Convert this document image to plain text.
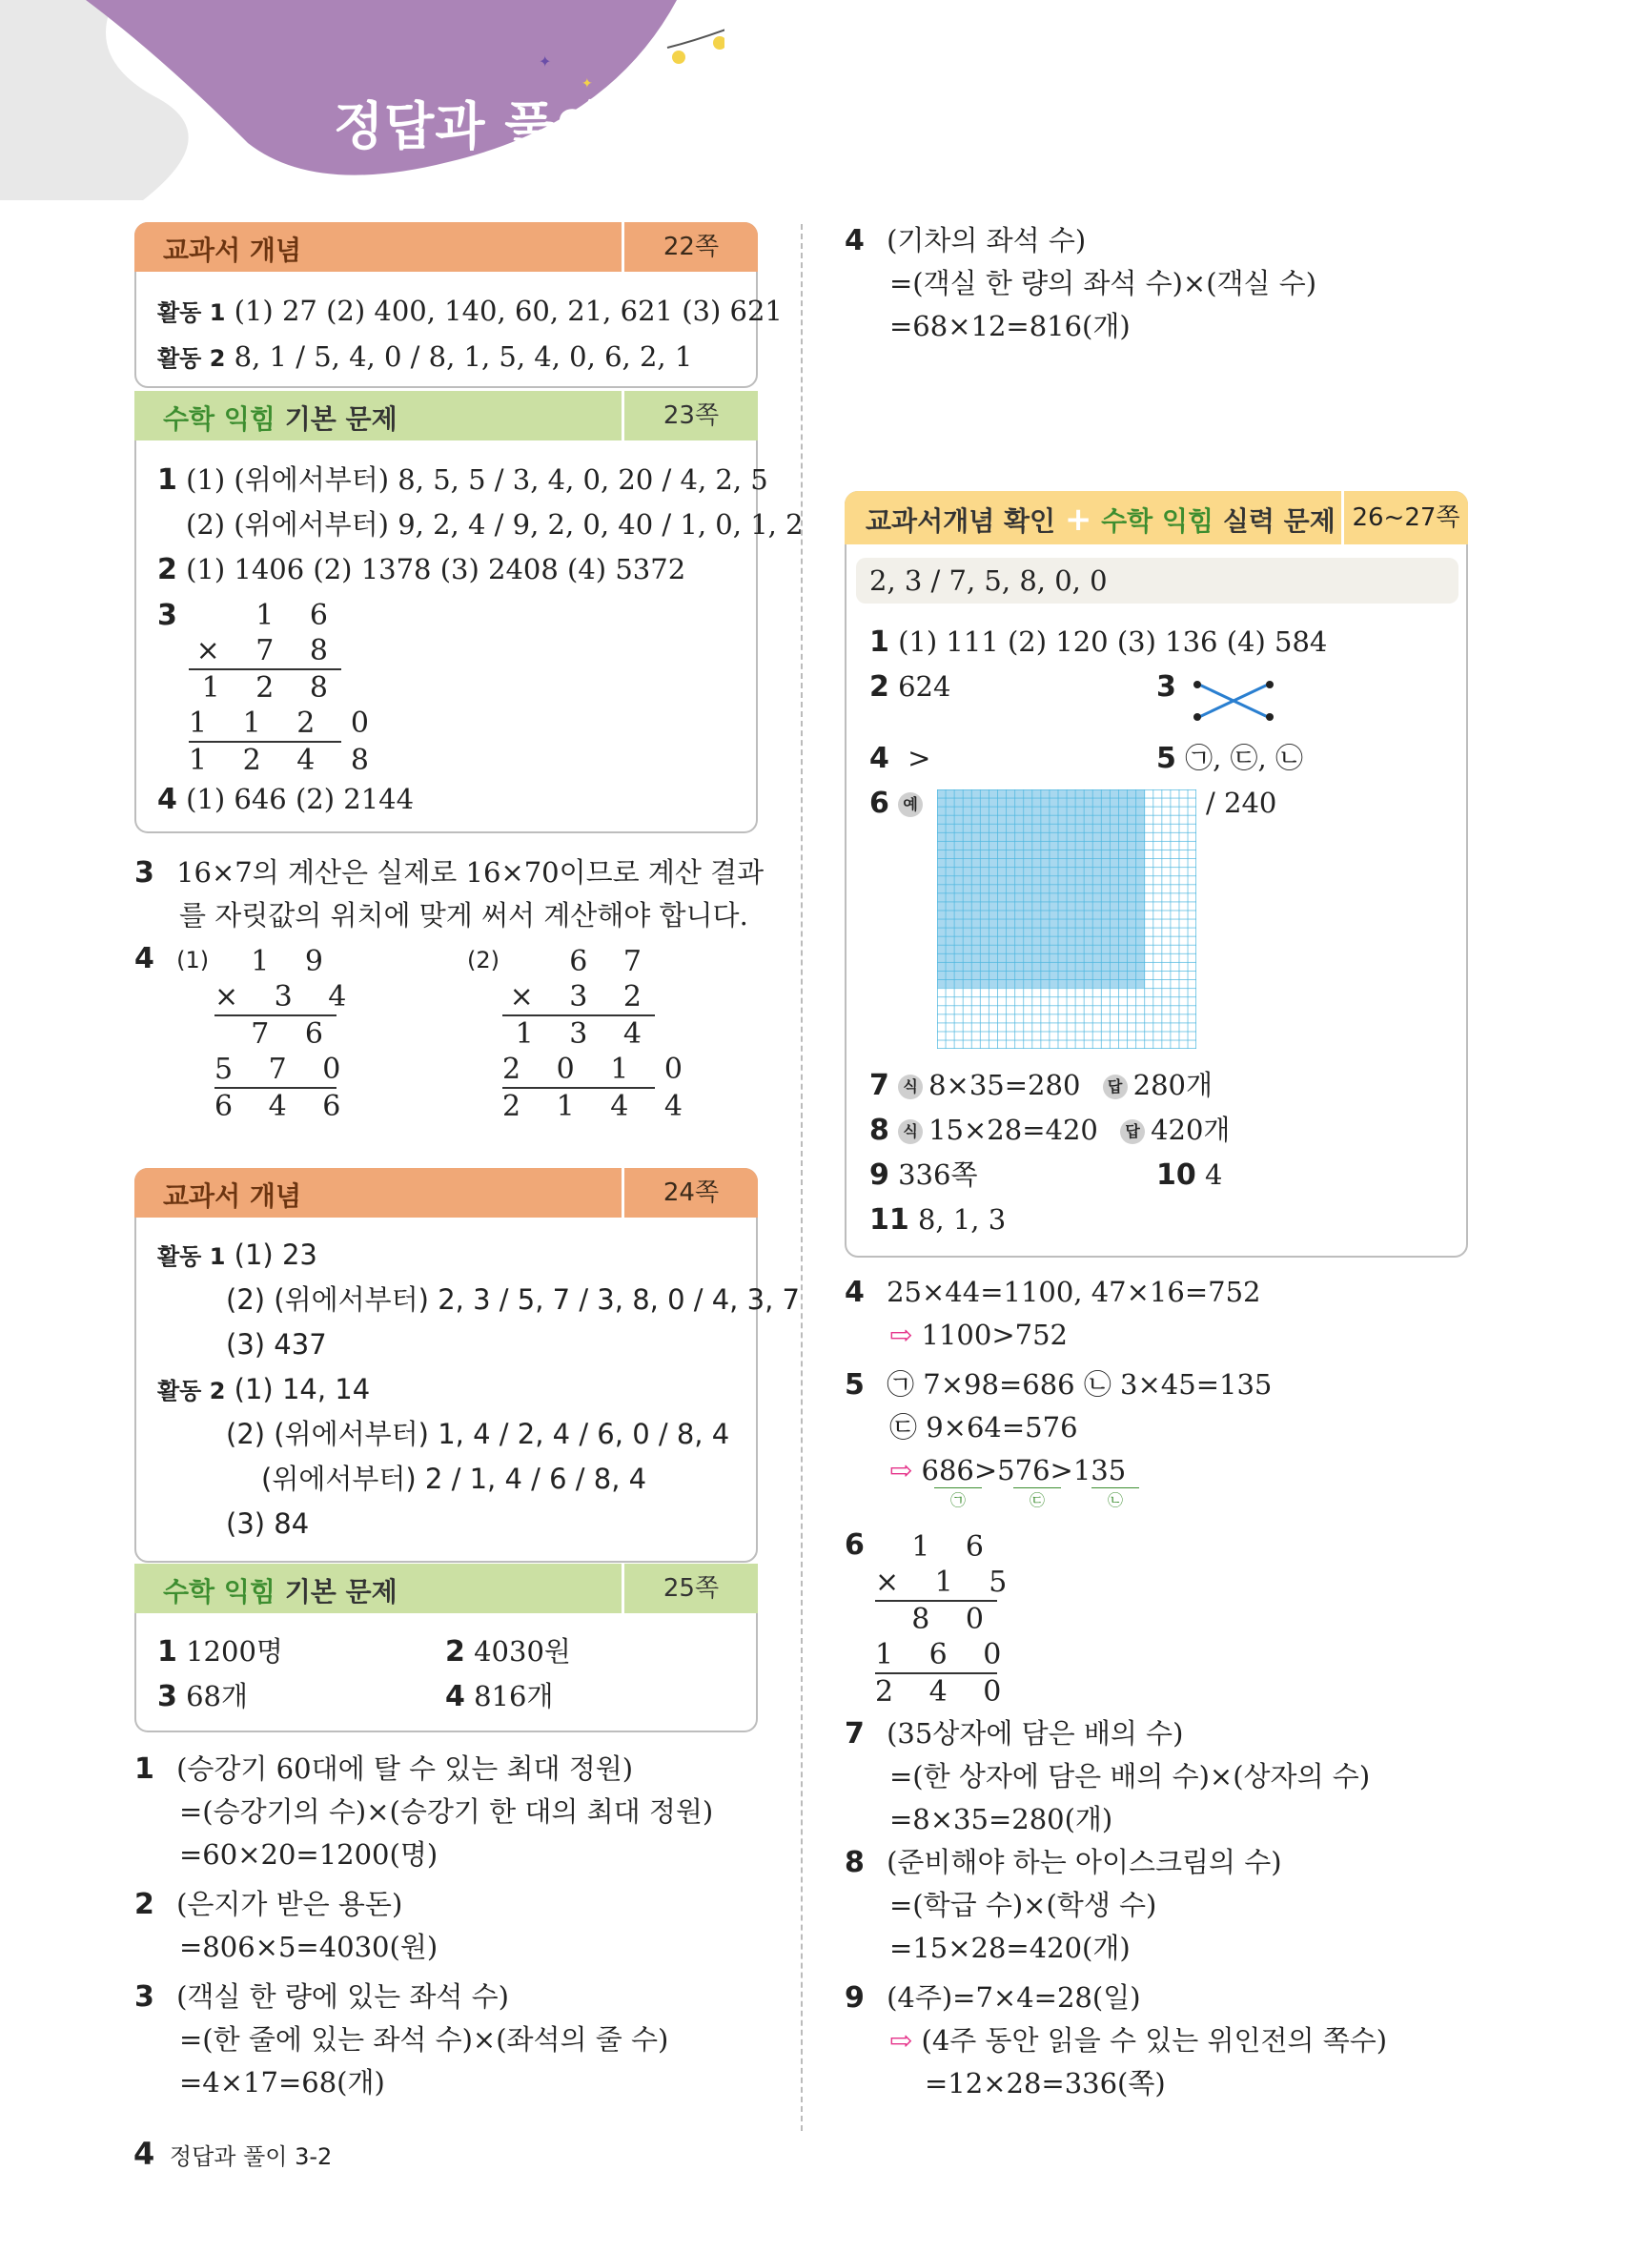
✦
✦
정답과 풀이
교과서 개념	22쪽
활동 1 (1) 27 (2) 400, 140, 60, 21, 621 (3) 621
활동 2 8, 1 / 5, 4, 0 / 8, 1, 5, 4, 0, 6, 2, 1
수학 익힘 기본 문제	23쪽
1 (1) (위에서부터) 8, 5, 5 / 3, 4, 0, 20 / 4, 2, 5
(2) (위에서부터) 9, 2, 4 / 9, 2, 0, 40 / 1, 0, 1, 2
2 (1) 1406 (2) 1378 (3) 2408 (4) 5372
3	1 6
× 7 8
1 2 8
1 1 2 0
1 2 4 8
4 (1) 646 (2) 2144
3 16×7의 계산은 실제로 16×70이므로 계산 결과
를 자릿값의 위치에 맞게 써서 계산해야 합니다.
4 (1)	1 9
× 3 4
7 6
5 7 0
6 4 6
(2)	6 7
× 3 2
1 3 4
2 0 1 0
2 1 4 4
교과서 개념	24쪽
활동 1 (1) 23
(2) (위에서부터) 2, 3 / 5, 7 / 3, 8, 0 / 4, 3, 7
(3) 437
활동 2 (1) 14, 14
(2) (위에서부터) 1, 4 / 2, 4 / 6, 0 / 8, 4
(위에서부터) 2 / 1, 4 / 6 / 8, 4
(3) 84
수학 익힘 기본 문제	25쪽
1 1200명	2 4030원
3 68개	4 816개
1 (승강기 60대에 탈 수 있는 최대 정원)
=(승강기의 수)×(승강기 한 대의 최대 정원)
=60×20=1200(명)
2 (은지가 받은 용돈)
=806×5=4030(원)
3 (객실 한 량에 있는 좌석 수)
=(한 줄에 있는 좌석 수)×(좌석의 줄 수)
=4×17=68(개)
4 (기차의 좌석 수)
=(객실 한 량의 좌석 수)×(객실 수)
=68×12=816(개)
교과서개념 확인 + 수학 익힘 실력 문제 26~27쪽
2, 3 / 7, 5, 8, 0, 0
1 (1) 111 (2) 120 (3) 136 (4) 584
2 624	3
4 >	5 ㉠, ㉢, ㉡
6 예	/ 240
7 식 8×35=280 답 280개
8 식 15×28=420 답 420개
9 336쪽	10 4
11 8, 1, 3
4 25×44=1100, 47×16=752
⇨ 1100>752
5 ㉠ 7×98=686 ㉡ 3×45=135
㉢ 9×64=576
⇨ 686>576>135
㉠	㉢	㉡
6	1 6
× 1 5
8 0
1 6 0
2 4 0
7 (35상자에 담은 배의 수)
=(한 상자에 담은 배의 수)×(상자의 수)
=8×35=280(개)
8 (준비해야 하는 아이스크림의 수)
=(학급 수)×(학생 수)
=15×28=420(개)
9 (4주)=7×4=28(일)
⇨ (4주 동안 읽을 수 있는 위인전의 쪽수)
=12×28=336(쪽)
4 정답과 풀이 3-2
